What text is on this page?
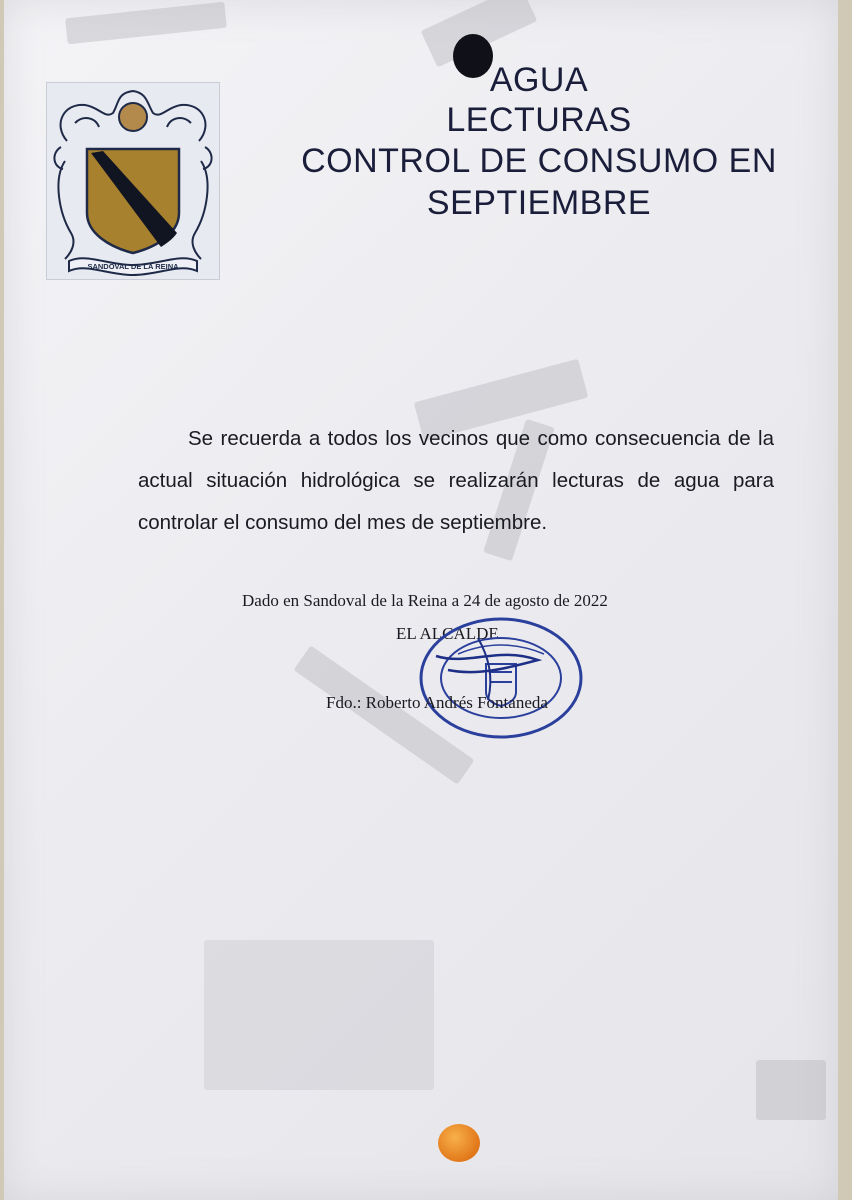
SANDOVAL DE LA REINA
AGUA
LECTURAS
CONTROL DE CONSUMO EN
SEPTIEMBRE

Se recuerda a todos los vecinos que como consecuencia de la actual situación hidrológica se realizarán lecturas de agua para controlar el consumo del mes de septiembre.

Dado en Sandoval de la Reina a 24 de agosto de 2022

EL ALCALDE

Fdo.: Roberto Andrés Fontaneda
